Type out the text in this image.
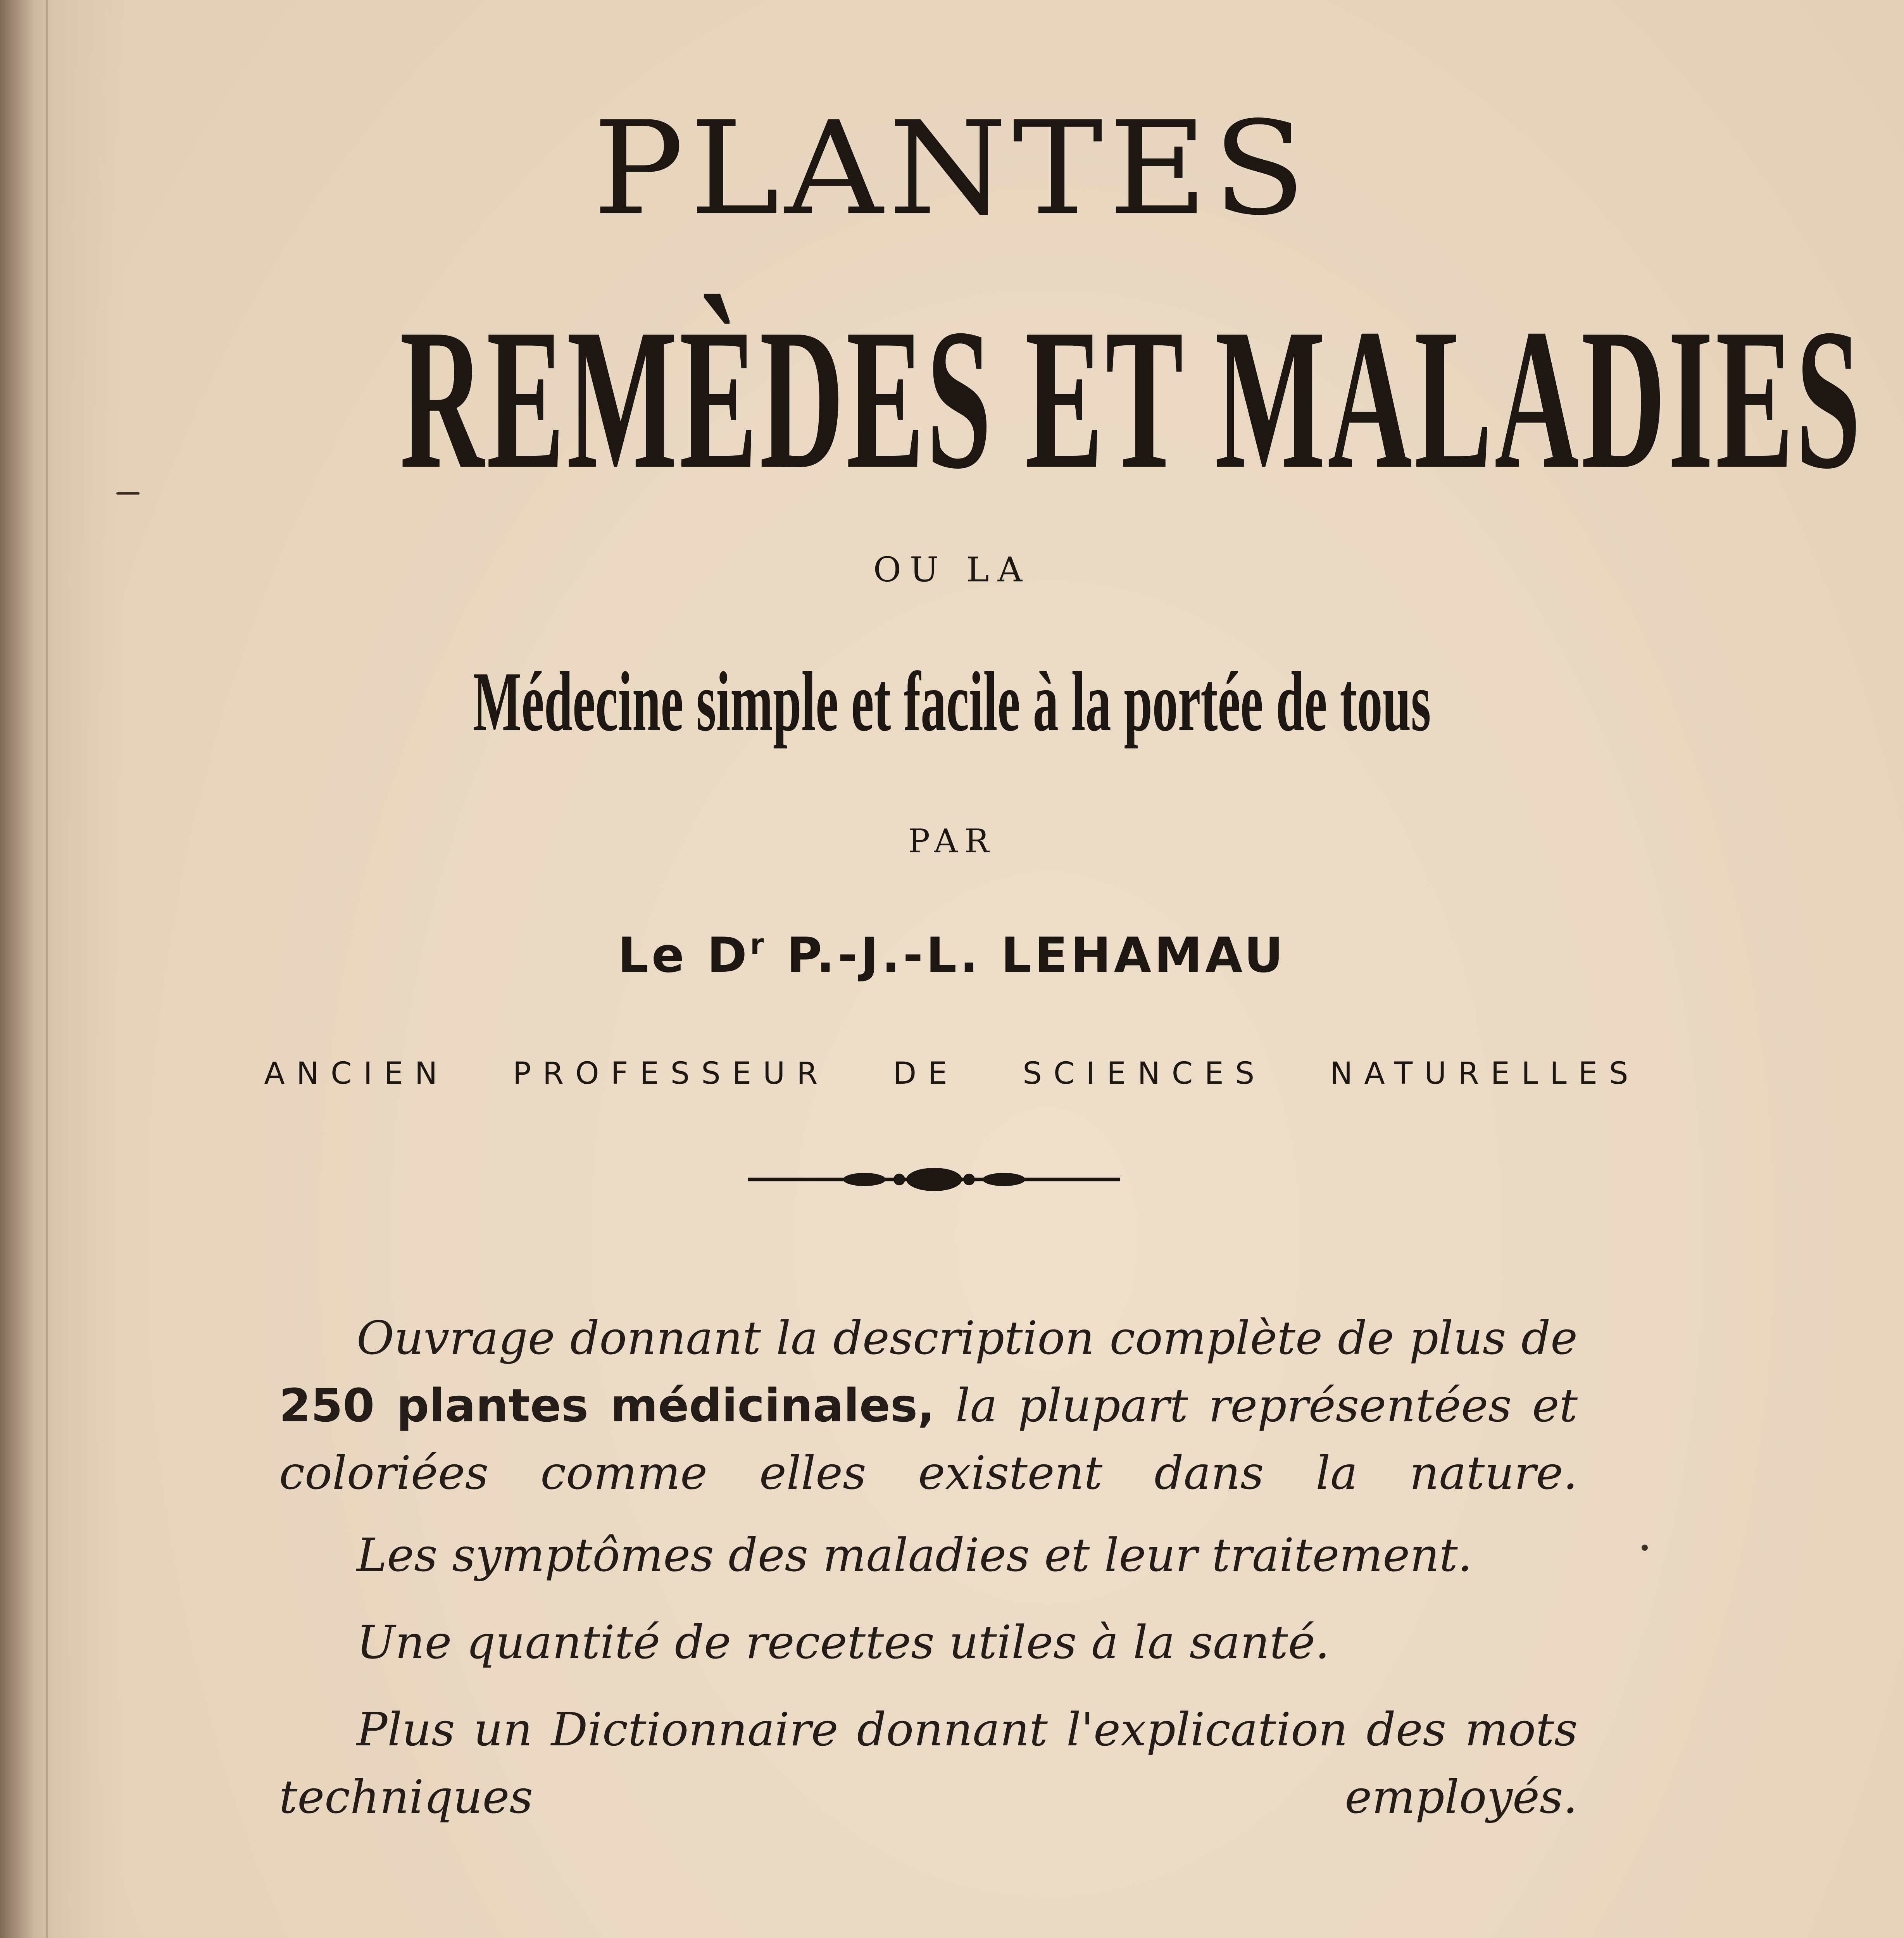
PLANTES
REMÈDES ET MALADIES
OU LA
Médecine simple et facile à la portée de tous
PAR
Le $D^r$ P.-J.-L. LEHAMAU
ANCIEN PROFESSEUR DE SCIENCES NATURELLES
Ouvrage donnant la description complète de plus de 250 plantes médicinales, la plupart représentées et coloriées comme elles existent dans la nature.
Les symptômes des maladies et leur traitement.
Une quantité de recettes utiles à la santé.
Plus un Dictionnaire donnant l'explication des mots techniques employés.
